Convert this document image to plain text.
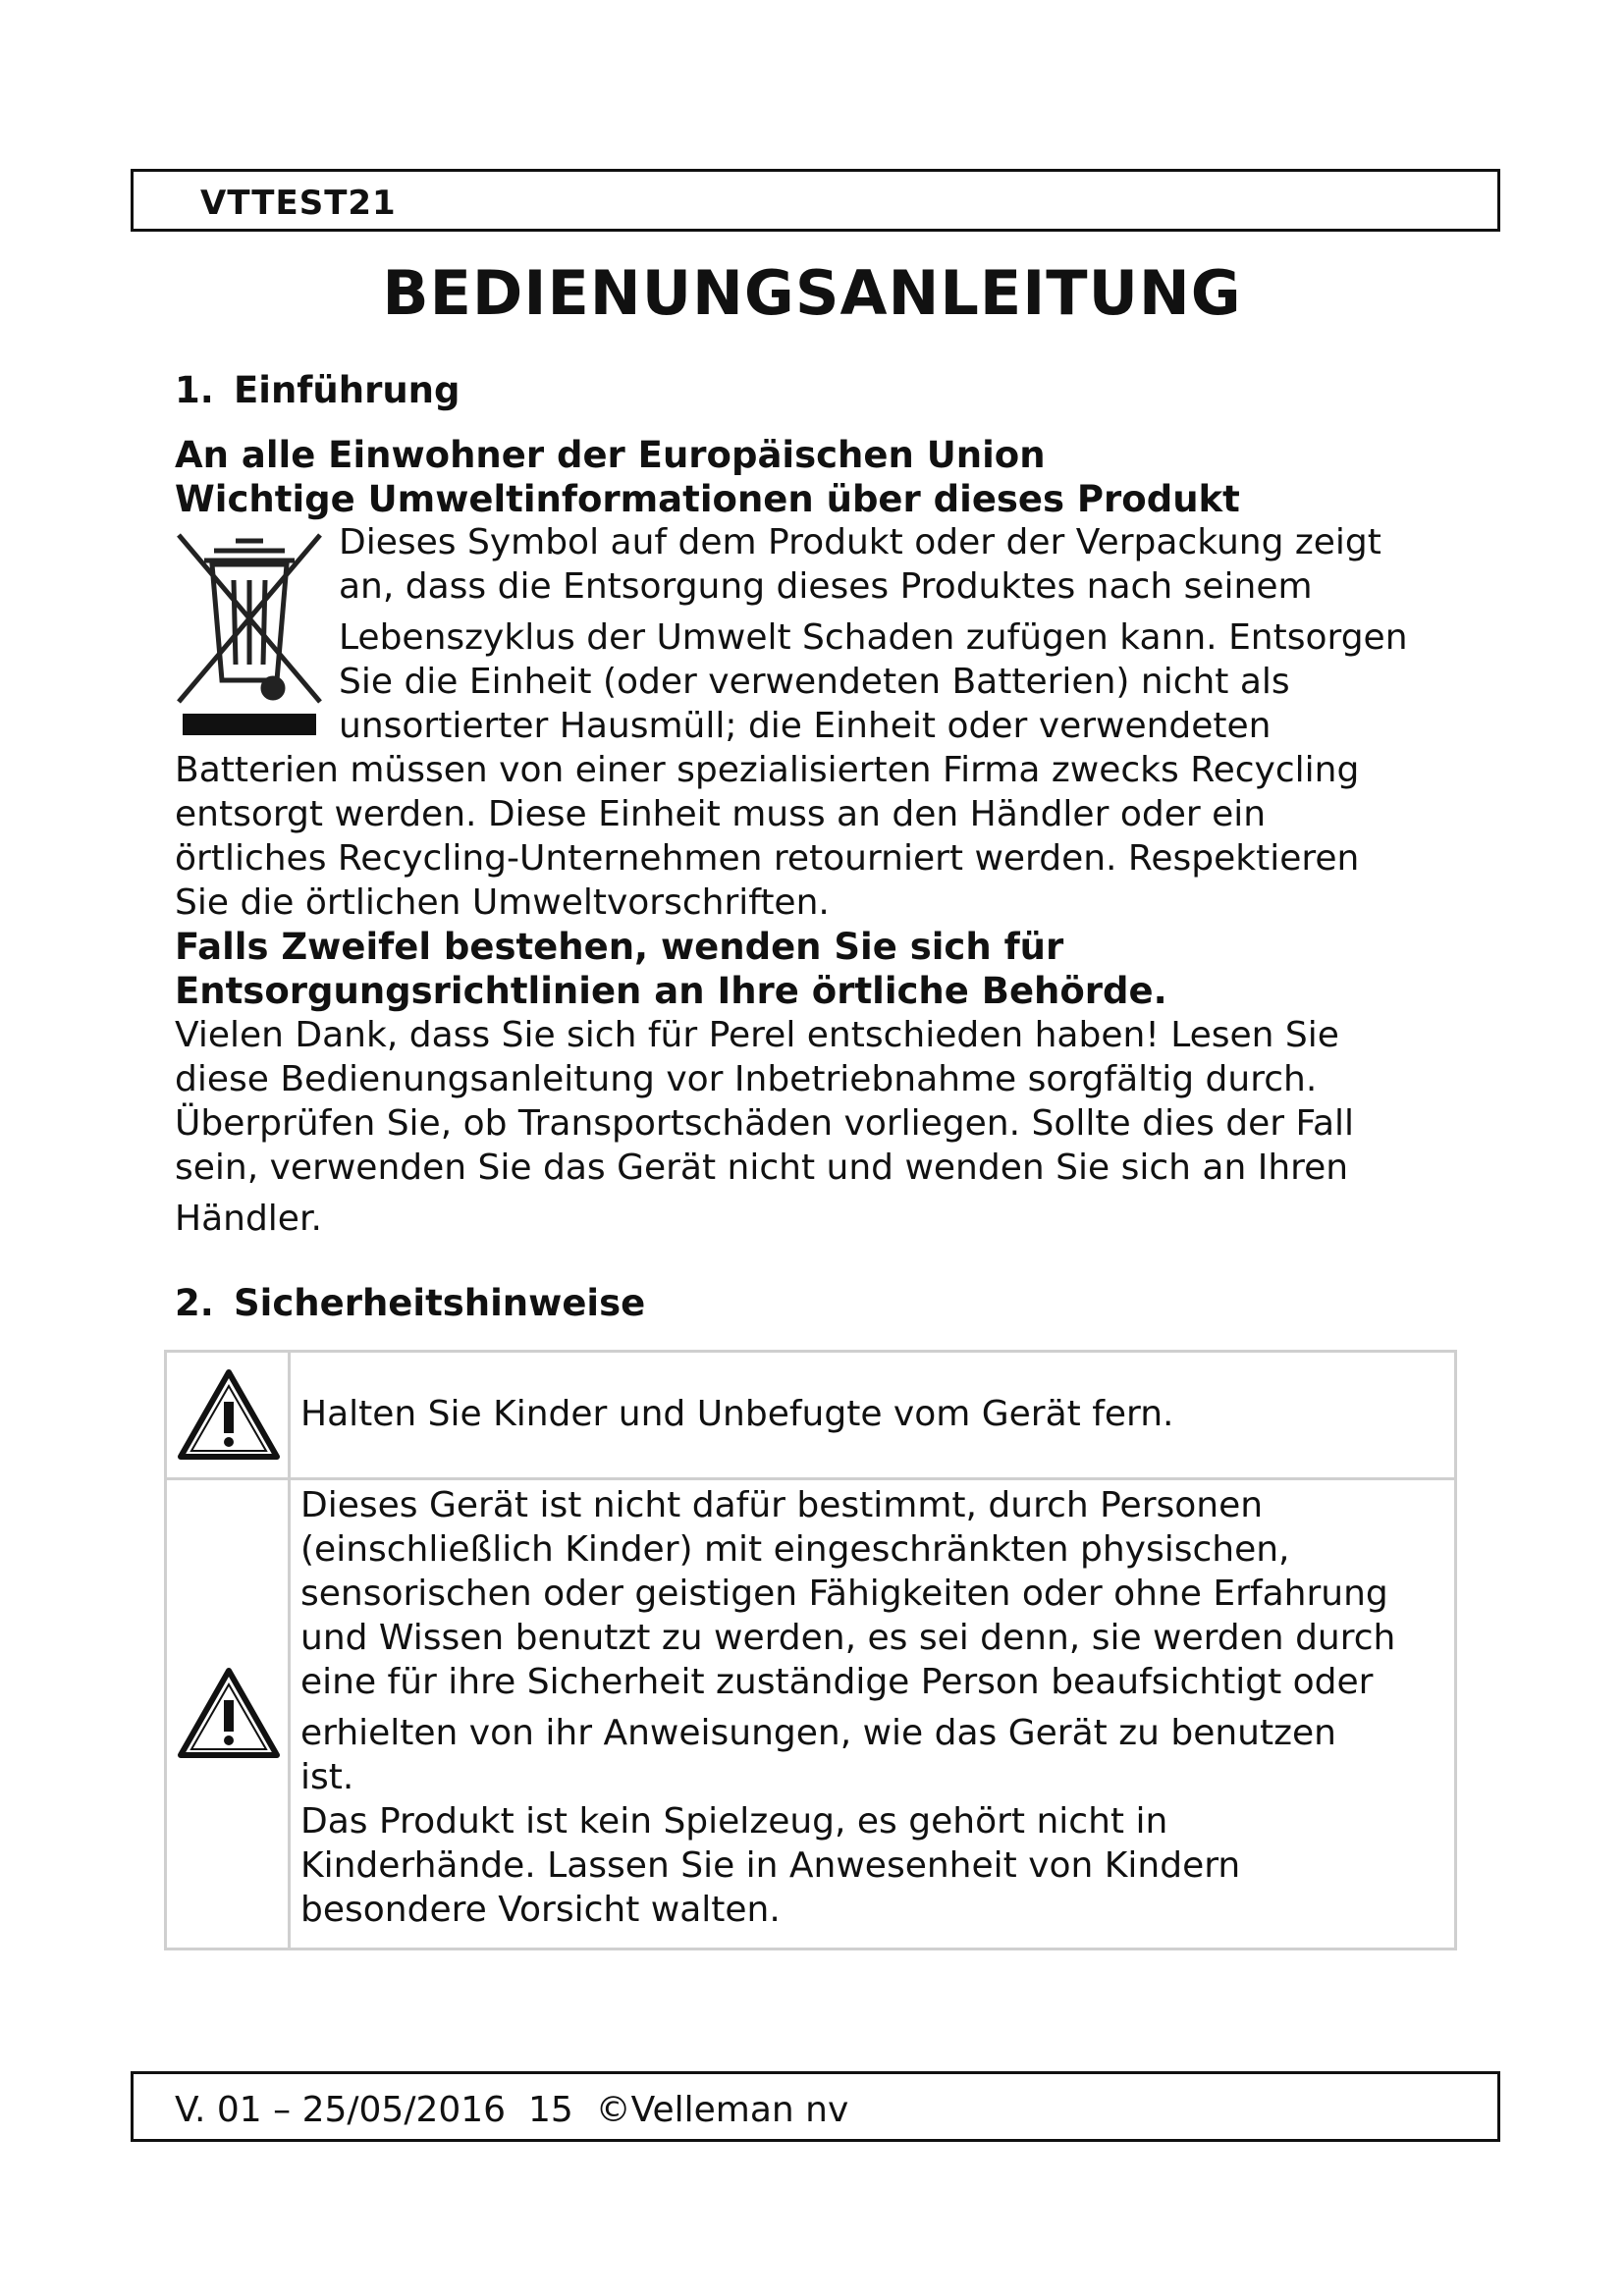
VTTEST21
BEDIENUNGSANLEITUNG
1. Einführung
An alle Einwohner der Europäischen Union
Wichtige Umweltinformationen über dieses Produkt
Dieses Symbol auf dem Produkt oder der Verpackung zeigt
an, dass die Entsorgung dieses Produktes nach seinem
Lebenszyklus der Umwelt Schaden zufügen kann. Entsorgen
Sie die Einheit (oder verwendeten Batterien) nicht als
unsortierter Hausmüll; die Einheit oder verwendeten
Batterien müssen von einer spezialisierten Firma zwecks Recycling
entsorgt werden. Diese Einheit muss an den Händler oder ein
örtliches Recycling-Unternehmen retourniert werden. Respektieren
Sie die örtlichen Umweltvorschriften.
Falls Zweifel bestehen, wenden Sie sich für
Entsorgungsrichtlinien an Ihre örtliche Behörde.
Vielen Dank, dass Sie sich für Perel entschieden haben! Lesen Sie
diese Bedienungsanleitung vor Inbetriebnahme sorgfältig durch.
Überprüfen Sie, ob Transportschäden vorliegen. Sollte dies der Fall
sein, verwenden Sie das Gerät nicht und wenden Sie sich an Ihren
Händler.
2. Sicherheitshinweise
Halten Sie Kinder und Unbefugte vom Gerät fern.
Dieses Gerät ist nicht dafür bestimmt, durch Personen
(einschließlich Kinder) mit eingeschränkten physischen,
sensorischen oder geistigen Fähigkeiten oder ohne Erfahrung
und Wissen benutzt zu werden, es sei denn, sie werden durch
eine für ihre Sicherheit zuständige Person beaufsichtigt oder
erhielten von ihr Anweisungen, wie das Gerät zu benutzen
ist.
Das Produkt ist kein Spielzeug, es gehört nicht in
Kinderhände. Lassen Sie in Anwesenheit von Kindern
besondere Vorsicht walten.
V. 01 – 25/05/2016  15  ©Velleman nv
